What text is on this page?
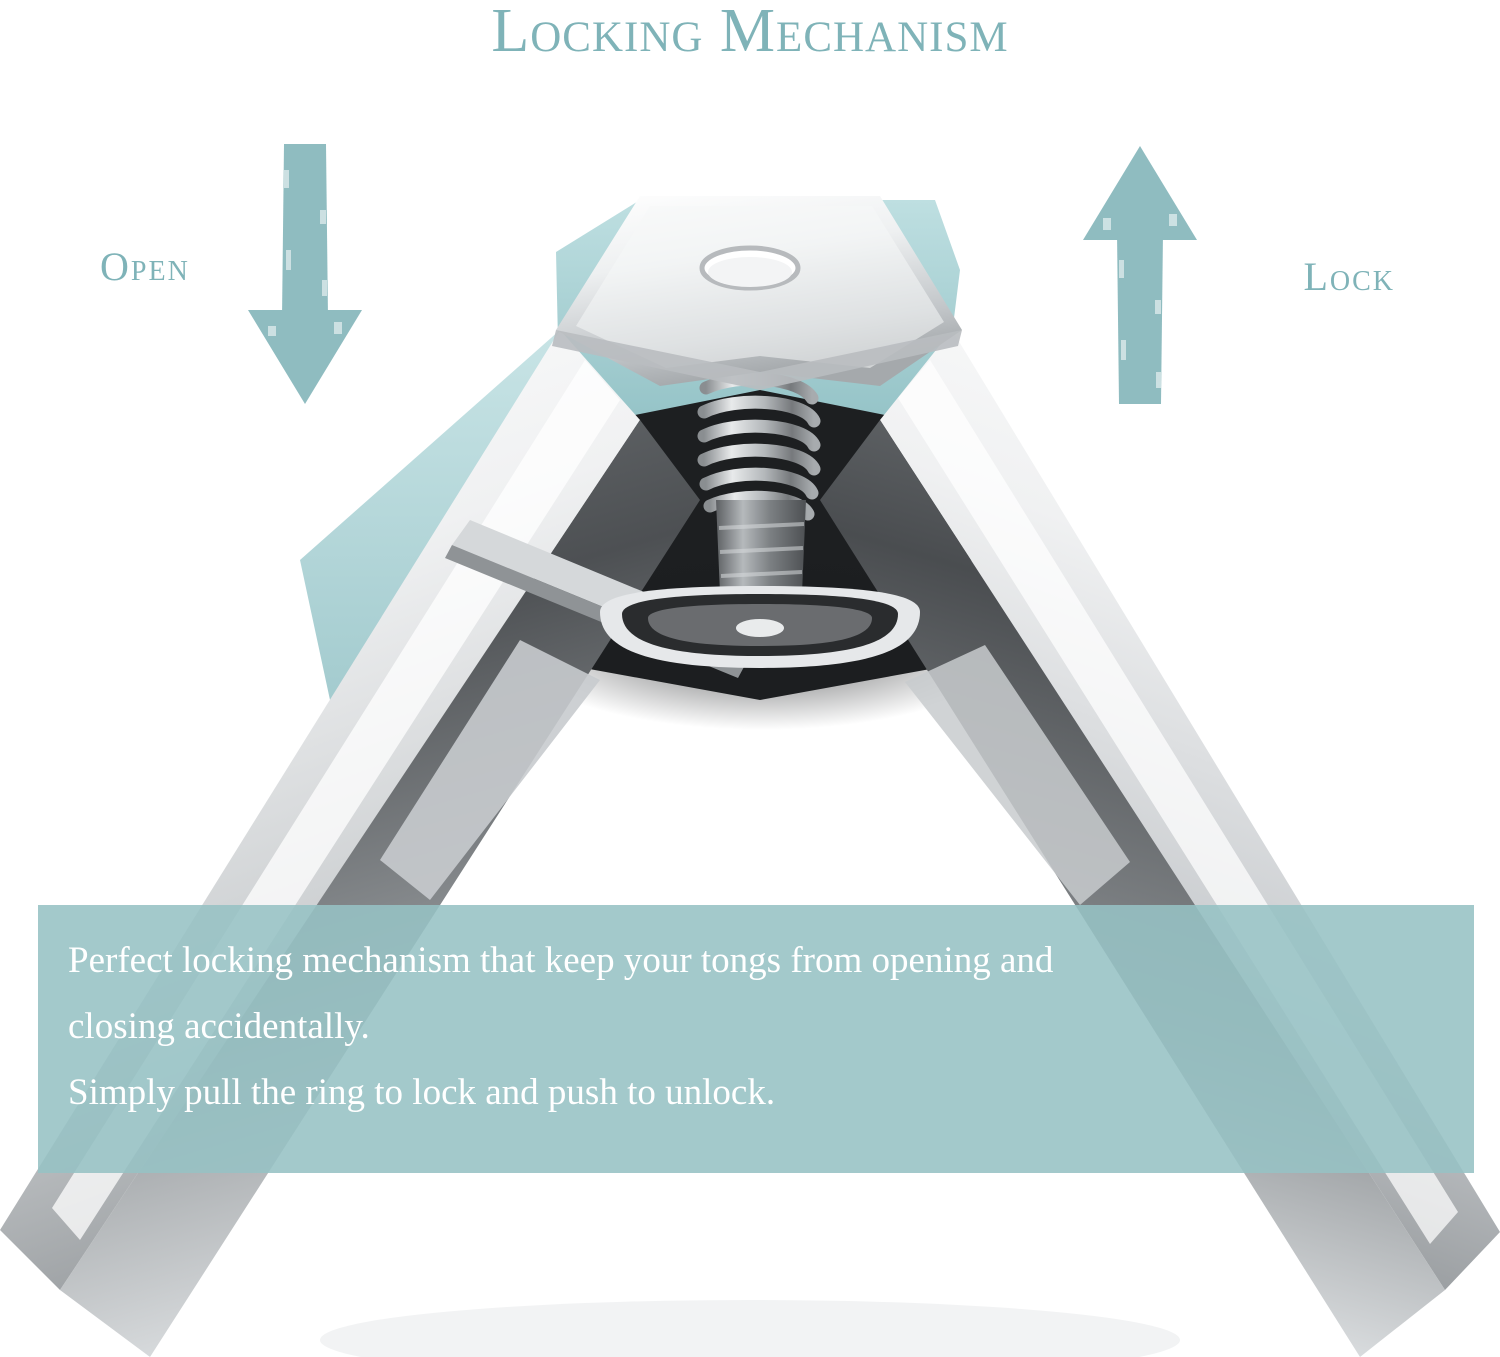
Locking Mechanism
Open	Lock

Perfect locking mechanism that keep your tongs from opening and

closing accidentally.

Simply pull the ring to lock and push to unlock.
